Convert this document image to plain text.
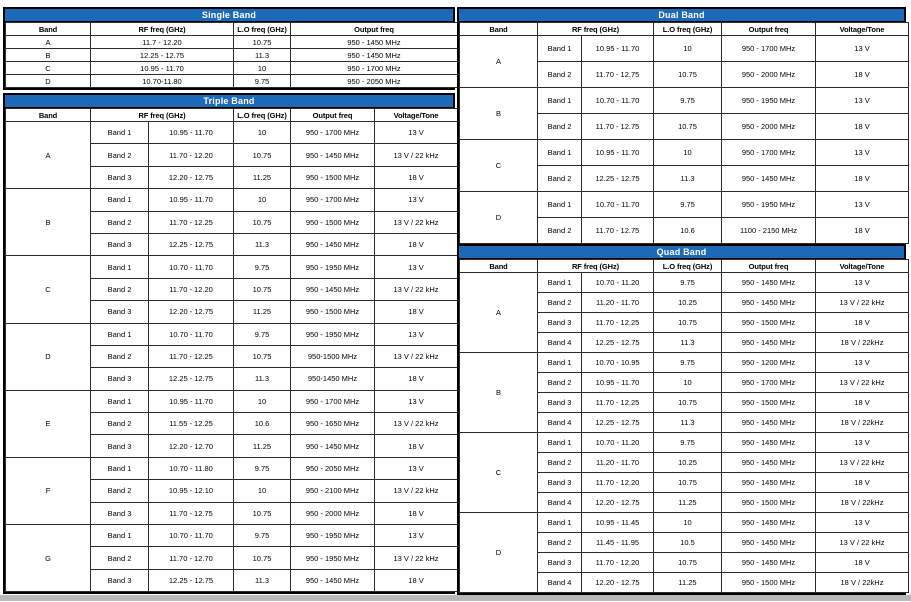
Single Band
Band	RF freq (GHz)	L.O freq (GHz)	Output freq
A	11.7 - 12.20	10.75	950 - 1450 MHz
B	12.25 - 12.75	11.3	950 - 1450 MHz
C	10.95 - 11.70	10	950 - 1700 MHz
D	10.70-11.80	9.75	950 - 2050 MHz
Triple Band
Band	RF freq (GHz)		L.O freq (GHz)	Output freq	Voltage/Tone
A	Band 1	10.95 - 11.70	10	950 - 1700 MHz	13 V
	Band 2	11.70 - 12.20	10.75	950 - 1450 MHz	13 V / 22 kHz
	Band 3	12.20 - 12.75	11.25	950 - 1500 MHz	18 V
B	Band 1	10.95 - 11.70	10	950 - 1700 MHz	13 V
	Band 2	11.70 - 12.25	10.75	950 - 1500 MHz	13 V / 22 kHz
	Band 3	12.25 - 12.75	11.3	950 - 1450 MHz	18 V
C	Band 1	10.70 - 11.70	9.75	950 - 1950 MHz	13 V
	Band 2	11.70 - 12.20	10.75	950 - 1450 MHz	13 V / 22 kHz
	Band 3	12.20 - 12.75	11.25	950 - 1500 MHz	18 V
D	Band 1	10.70 - 11.70	9.75	950 - 1950 MHz	13 V
	Band 2	11.70 - 12.25	10.75	950-1500 MHz	13 V / 22 kHz
	Band 3	12.25 - 12.75	11.3	950-1450 MHz	18 V
E	Band 1	10.95 - 11.70	10	950 - 1700 MHz	13 V
	Band 2	11.55 - 12.25	10.6	950 - 1650 MHz	13 V / 22 kHz
	Band 3	12.20 - 12.70	11.25	950 - 1450 MHz	18 V
F	Band 1	10.70 - 11.80	9.75	950 - 2050 MHz	13 V
	Band 2	10.95 - 12.10	10	950 - 2100 MHz	13 V / 22 kHz
	Band 3	11.70 - 12.75	10.75	950 - 2000 MHz	18 V
G	Band 1	10.70 - 11.70	9.75	950 - 1950 MHz	13 V
	Band 2	11.70 - 12.70	10.75	950 - 1950 MHz	13 V / 22 kHz
	Band 3	12.25 - 12.75	11.3	950 - 1450 MHz	18 V
Dual Band
Band	RF freq (GHz)		L.O freq (GHz)	Output freq	Voltage/Tone
A	Band 1	10.95 - 11.70	10	950 - 1700 MHz	13 V
	Band 2	11.70 - 12.75	10.75	950 - 2000 MHz	18 V
B	Band 1	10.70 - 11.70	9.75	950 - 1950 MHz	13 V
	Band 2	11.70 - 12.75	10.75	950 - 2000 MHz	18 V
C	Band 1	10.95 - 11.70	10	950 - 1700 MHz	13 V
	Band 2	12.25 - 12.75	11.3	950 - 1450 MHz	18 V
D	Band 1	10.70 - 11.70	9.75	950 - 1950 MHz	13 V
	Band 2	11.70 - 12.75	10.6	1100 - 2150 MHz	18 V
Quad Band
Band	RF freq (GHz)		L.O freq (GHz)	Output freq	Voltage/Tone
A	Band 1	10.70 - 11.20	9.75	950 - 1450 MHz	13 V
	Band 2	11.20 - 11.70	10.25	950 - 1450 MHz	13 V / 22 kHz
	Band 3	11.70 - 12.25	10.75	950 - 1500 MHz	18 V
	Band 4	12.25 - 12.75	11.3	950 - 1450 MHz	18 V / 22kHz
B	Band 1	10.70 - 10.95	9.75	950 - 1200 MHz	13 V
	Band 2	10.95 - 11.70	10	950 - 1700 MHz	13 V / 22 kHz
	Band 3	11.70 - 12.25	10.75	950 - 1500 MHz	18 V
	Band 4	12.25 - 12.75	11.3	950 - 1450 MHz	18 V / 22kHz
C	Band 1	10.70 - 11.20	9.75	950 - 1450 MHz	13 V
	Band 2	11.20 - 11.70	10.25	950 - 1450 MHz	13 V / 22 kHz
	Band 3	11.70 - 12.20	10.75	950 - 1450 MHz	18 V
	Band 4	12.20 - 12.75	11.25	950 - 1500 MHz	18 V / 22kHz
D	Band 1	10.95 - 11.45	10	950 - 1450 MHz	13 V
	Band 2	11.45 - 11.95	10.5	950 - 1450 MHz	13 V / 22 kHz
	Band 3	11.70 - 12.20	10.75	950 - 1450 MHz	18 V
	Band 4	12.20 - 12.75	11.25	950 - 1500 MHz	18 V / 22kHz
